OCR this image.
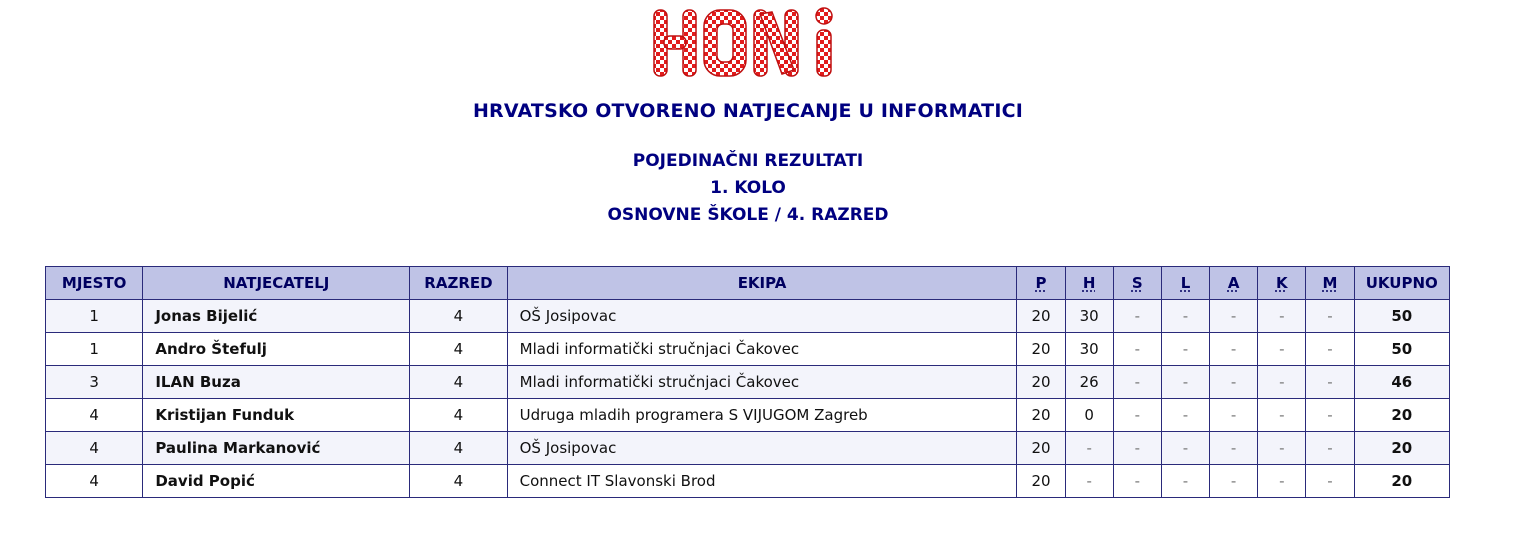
HRVATSKO OTVORENO NATJECANJE U INFORMATICI
POJEDINAČNI REZULTATI
1. KOLO
OSNOVNE ŠKOLE / 4. RAZRED
MJESTO	NATJECATELJ	RAZRED	EKIPA	P	H	S	L	A	K	M	UKUPNO
1	Jonas Bijelić	4	OŠ Josipovac	20	30	-	-	-	-	-	50
1	Andro Štefulj	4	Mladi informatički stručnjaci Čakovec	20	30	-	-	-	-	-	50
3	ILAN Buza	4	Mladi informatički stručnjaci Čakovec	20	26	-	-	-	-	-	46
4	Kristijan Funduk	4	Udruga mladih programera S VIJUGOM Zagreb	20	0	-	-	-	-	-	20
4	Paulina Markanović	4	OŠ Josipovac	20	-	-	-	-	-	-	20
4	David Popić	4	Connect IT Slavonski Brod	20	-	-	-	-	-	-	20
